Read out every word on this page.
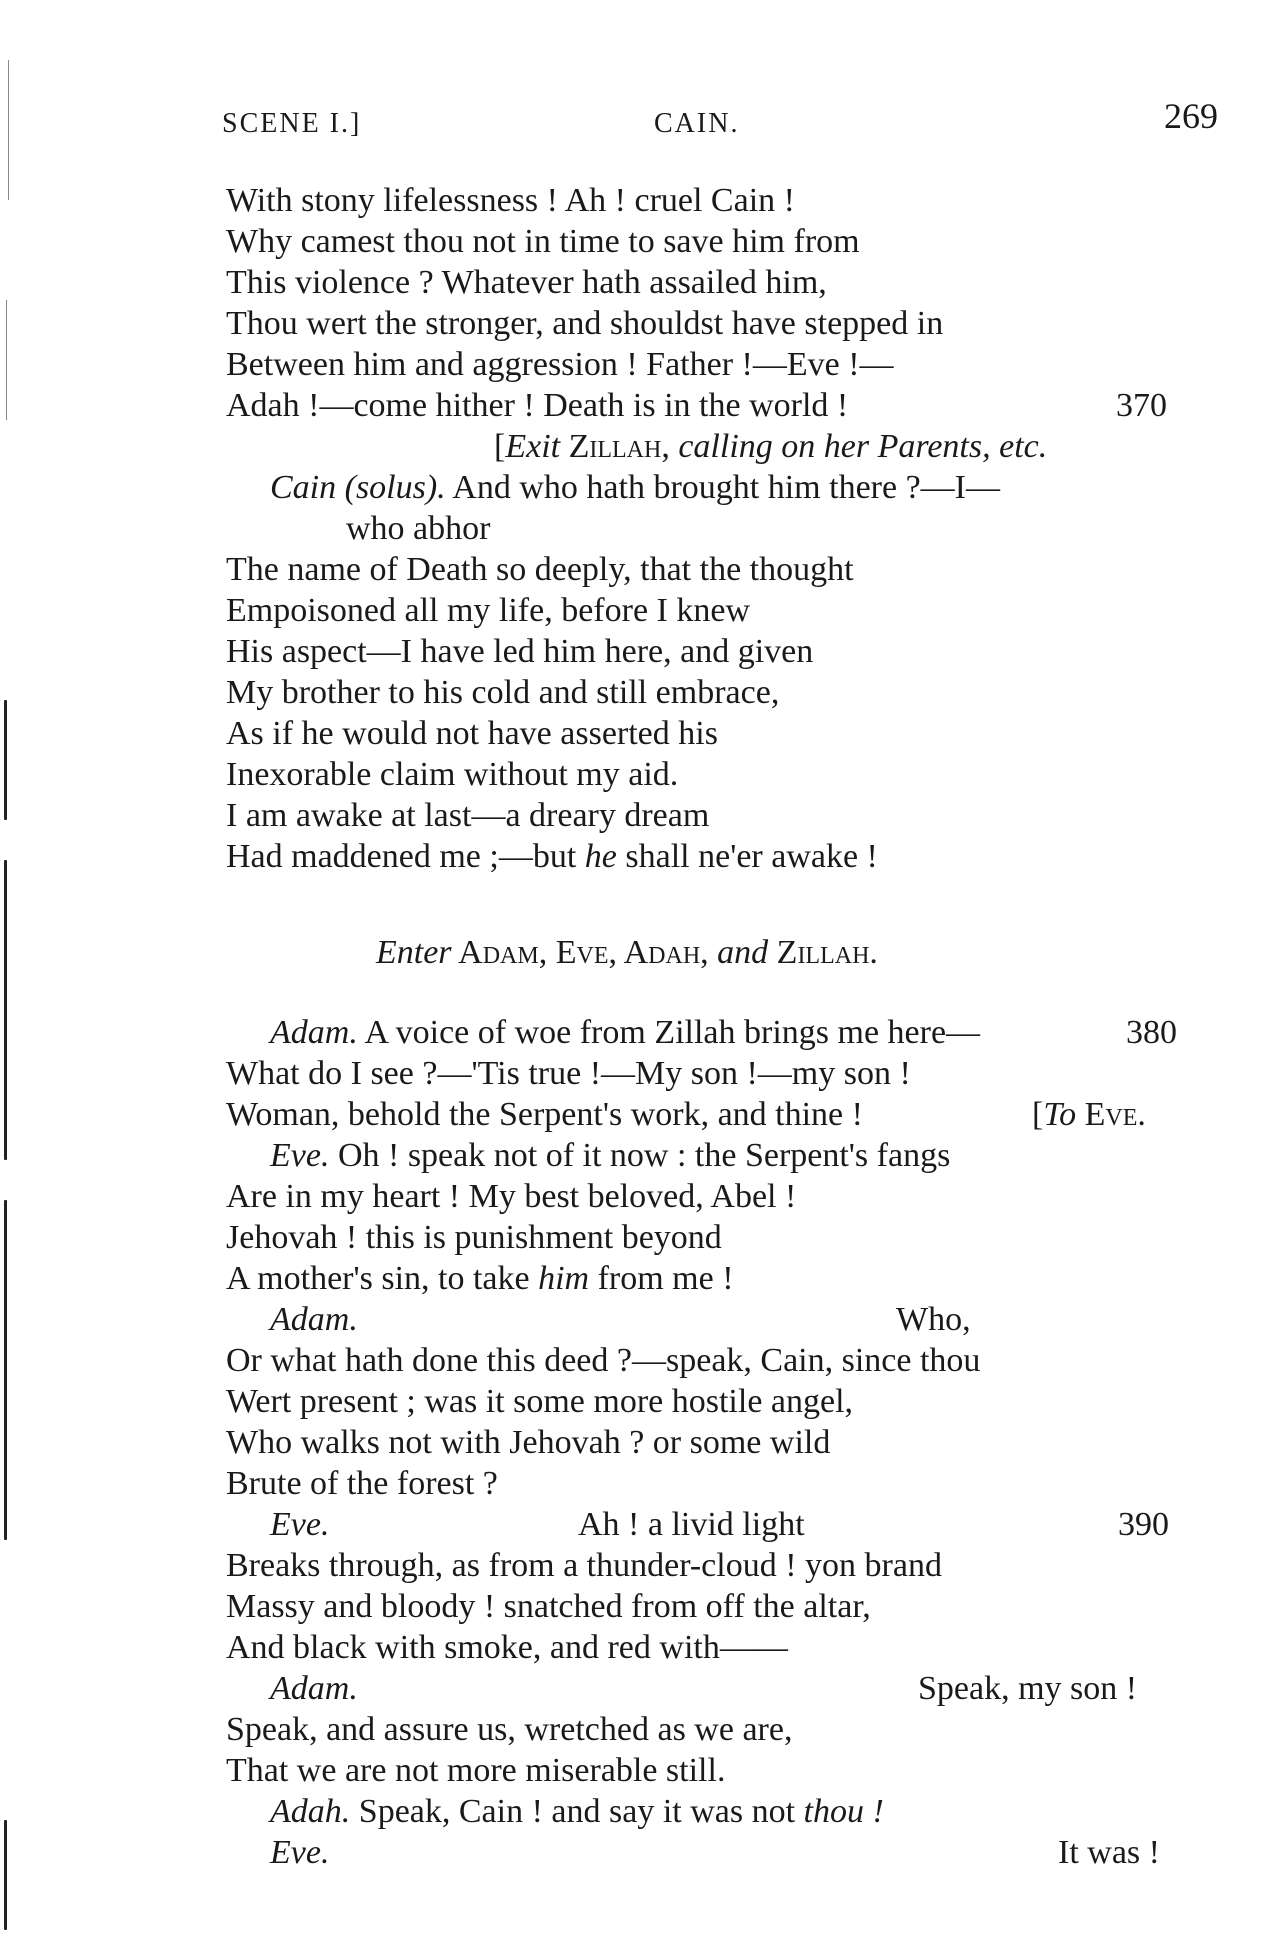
SCENE I.]	CAIN.	269
With stony lifelessness ! Ah ! cruel Cain !
Why camest thou not in time to save him from
This violence ? Whatever hath assailed him,
Thou wert the stronger, and shouldst have stepped in
Between him and aggression ! Father !—Eve !—
Adah !—come hither ! Death is in the world !	370
[Exit Zillah, calling on her Parents, etc.
Cain (solus). And who hath brought him there ?—I—
who abhor
The name of Death so deeply, that the thought
Empoisoned all my life, before I knew
His aspect—I have led him here, and given
My brother to his cold and still embrace,
As if he would not have asserted his
Inexorable claim without my aid.
I am awake at last—a dreary dream
Had maddened me ;—but he shall ne'er awake !
Enter Adam, Eve, Adah, and Zillah.
Adam. A voice of woe from Zillah brings me here—	380
What do I see ?—'Tis true !—My son !—my son !
Woman, behold the Serpent's work, and thine !	[To Eve.
Eve. Oh ! speak not of it now : the Serpent's fangs
Are in my heart ! My best beloved, Abel !
Jehovah ! this is punishment beyond
A mother's sin, to take him from me !
Adam.	Who,
Or what hath done this deed ?—speak, Cain, since thou
Wert present ; was it some more hostile angel,
Who walks not with Jehovah ? or some wild
Brute of the forest ?
Eve.	Ah ! a livid light	390
Breaks through, as from a thunder-cloud ! yon brand
Massy and bloody ! snatched from off the altar,
And black with smoke, and red with——
Adam.	Speak, my son !
Speak, and assure us, wretched as we are,
That we are not more miserable still.
Adah. Speak, Cain ! and say it was not thou !
Eve.	It was !
